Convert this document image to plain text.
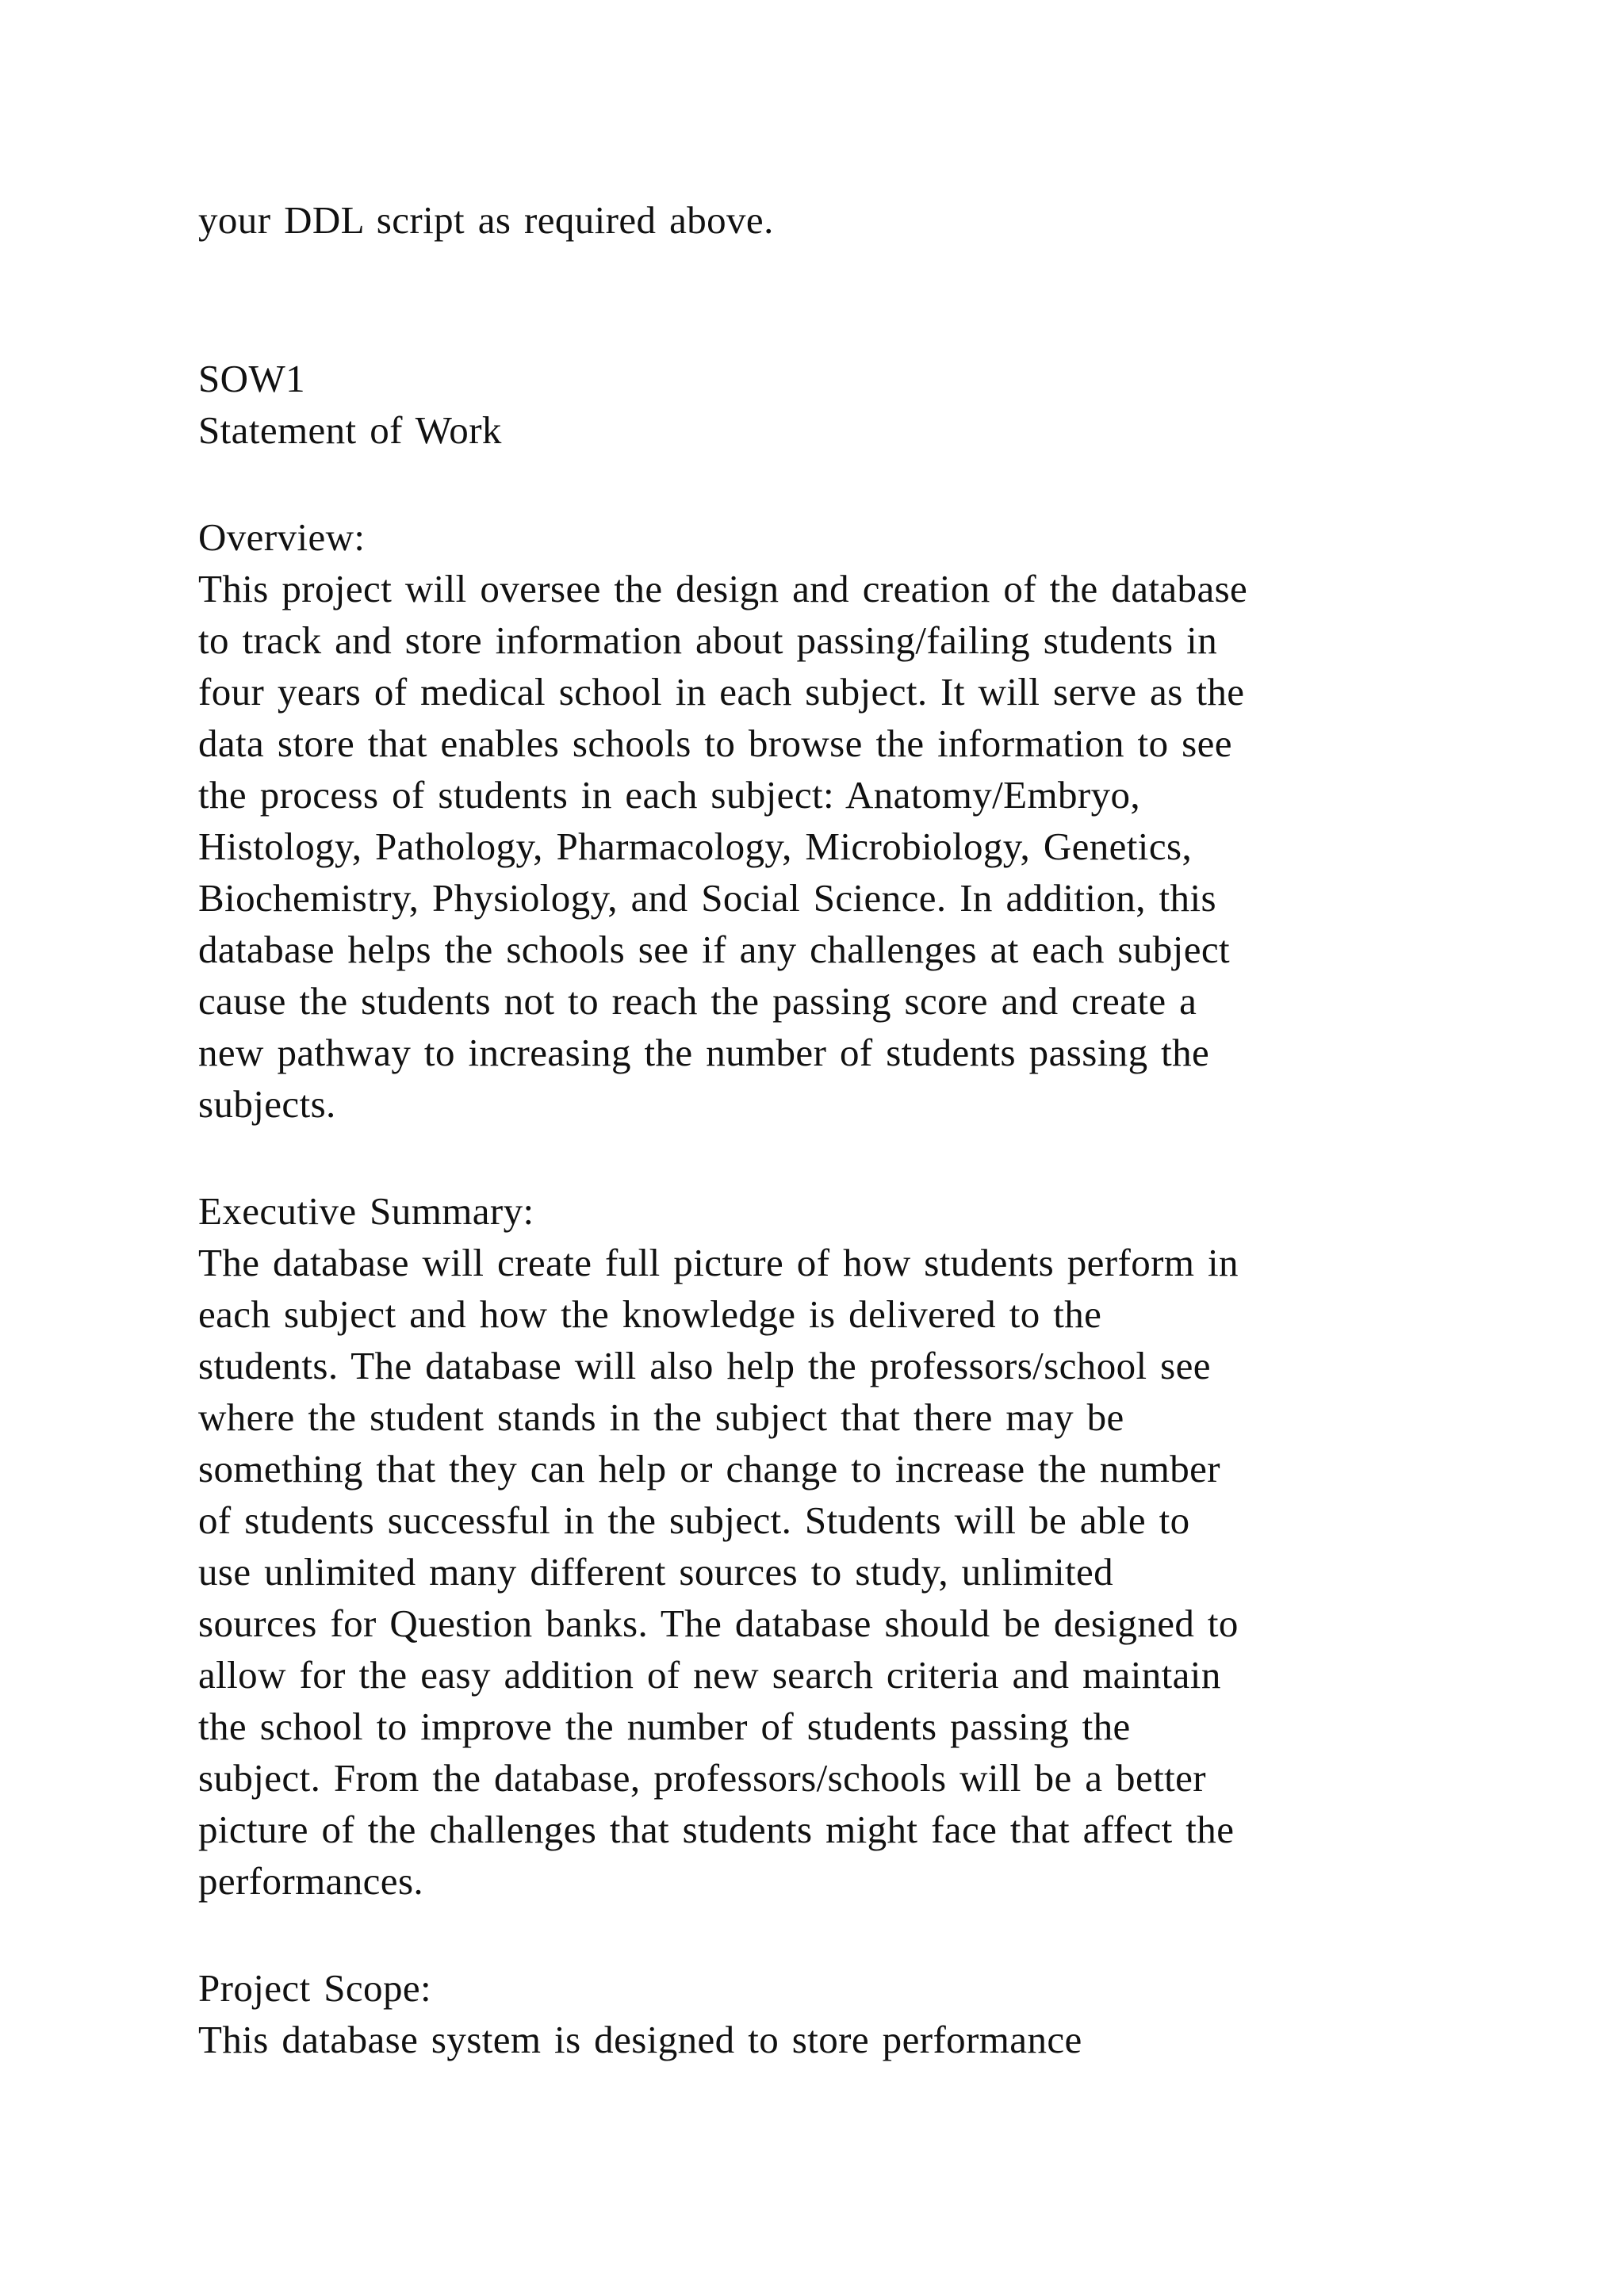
your DDL script as required above.
SOW1
Statement of Work
Overview:
This project will oversee the design and creation of the database
to track and store information about passing/failing students in
four years of medical school in each subject. It will serve as the
data store that enables schools to browse the information to see
the process of students in each subject: Anatomy/Embryo,
Histology, Pathology, Pharmacology, Microbiology, Genetics,
Biochemistry, Physiology, and Social Science. In addition, this
database helps the schools see if any challenges at each subject
cause the students not to reach the passing score and create a
new pathway to increasing the number of students passing the
subjects.
Executive Summary:
The database will create full picture of how students perform in
each subject and how the knowledge is delivered to the
students. The database will also help the professors/school see
where the student stands in the subject that there may be
something that they can help or change to increase the number
of students successful in the subject. Students will be able to
use unlimited many different sources to study, unlimited
sources for Question banks. The database should be designed to
allow for the easy addition of new search criteria and maintain
the school to improve the number of students passing the
subject. From the database, professors/schools will be a better
picture of the challenges that students might face that affect the
performances.
Project Scope:
This database system is designed to store performance
